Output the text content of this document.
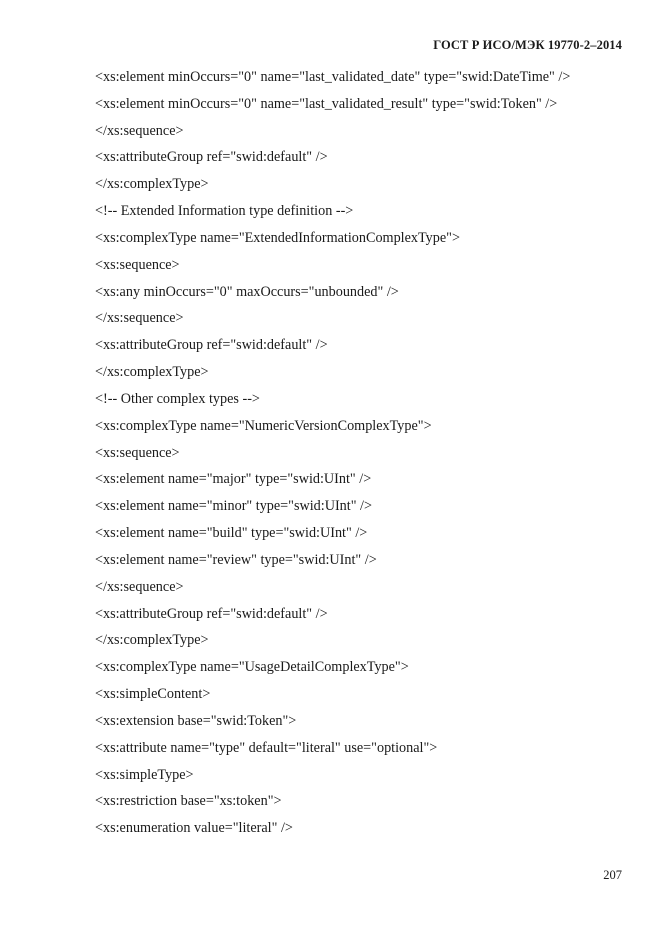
ГОСТ Р ИСО/МЭК 19770-2–2014
<xs:element minOccurs="0" name="last_validated_date" type="swid:DateTime" />
<xs:element minOccurs="0" name="last_validated_result" type="swid:Token" />
</xs:sequence>
<xs:attributeGroup ref="swid:default" />
</xs:complexType>
<!-- Extended Information type definition -->
<xs:complexType name="ExtendedInformationComplexType">
<xs:sequence>
<xs:any minOccurs="0" maxOccurs="unbounded" />
</xs:sequence>
<xs:attributeGroup ref="swid:default" />
</xs:complexType>
<!-- Other complex types -->
<xs:complexType name="NumericVersionComplexType">
<xs:sequence>
<xs:element name="major" type="swid:UInt" />
<xs:element name="minor" type="swid:UInt" />
<xs:element name="build" type="swid:UInt" />
<xs:element name="review" type="swid:UInt" />
</xs:sequence>
<xs:attributeGroup ref="swid:default" />
</xs:complexType>
<xs:complexType name="UsageDetailComplexType">
<xs:simpleContent>
<xs:extension base="swid:Token">
<xs:attribute name="type" default="literal" use="optional">
<xs:simpleType>
<xs:restriction base="xs:token">
<xs:enumeration value="literal" />
207
